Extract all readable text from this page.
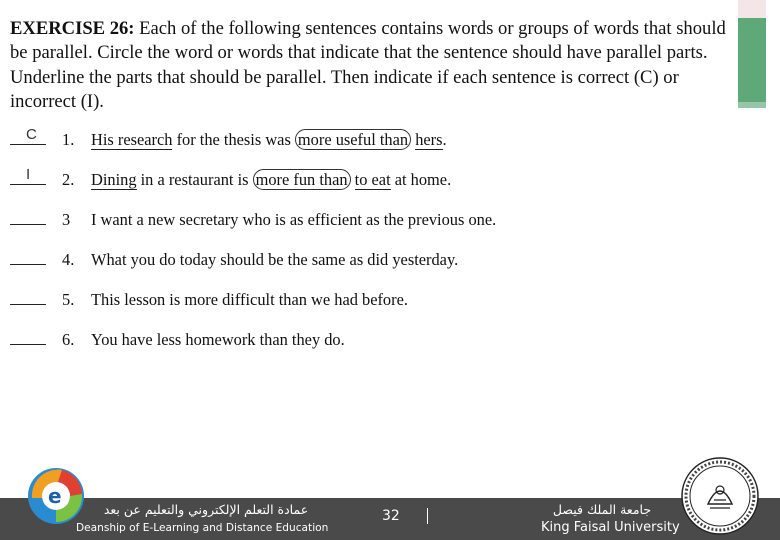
EXERCISE 26: Each of the following sentences contains words or groups of words that should be parallel. Circle the word or words that indicate that the sentence should have parallel parts. Underline the parts that should be parallel. Then indicate if each sentence is correct (C) or incorrect (I).
C 1. His research for the thesis was more useful than hers.
I 2. Dining in a restaurant is more fun than to eat at home.
3 I want a new secretary who is as efficient as the previous one.
4. What you do today should be the same as did yesterday.
5. This lesson is more difficult than we had before.
6. You have less homework than they do.
e
عمادة التعلم الإلكتروني والتعليم عن بعد
Deanship of E-Learning and Distance Education
32	جامعة الملك فيصل
King Faisal University
